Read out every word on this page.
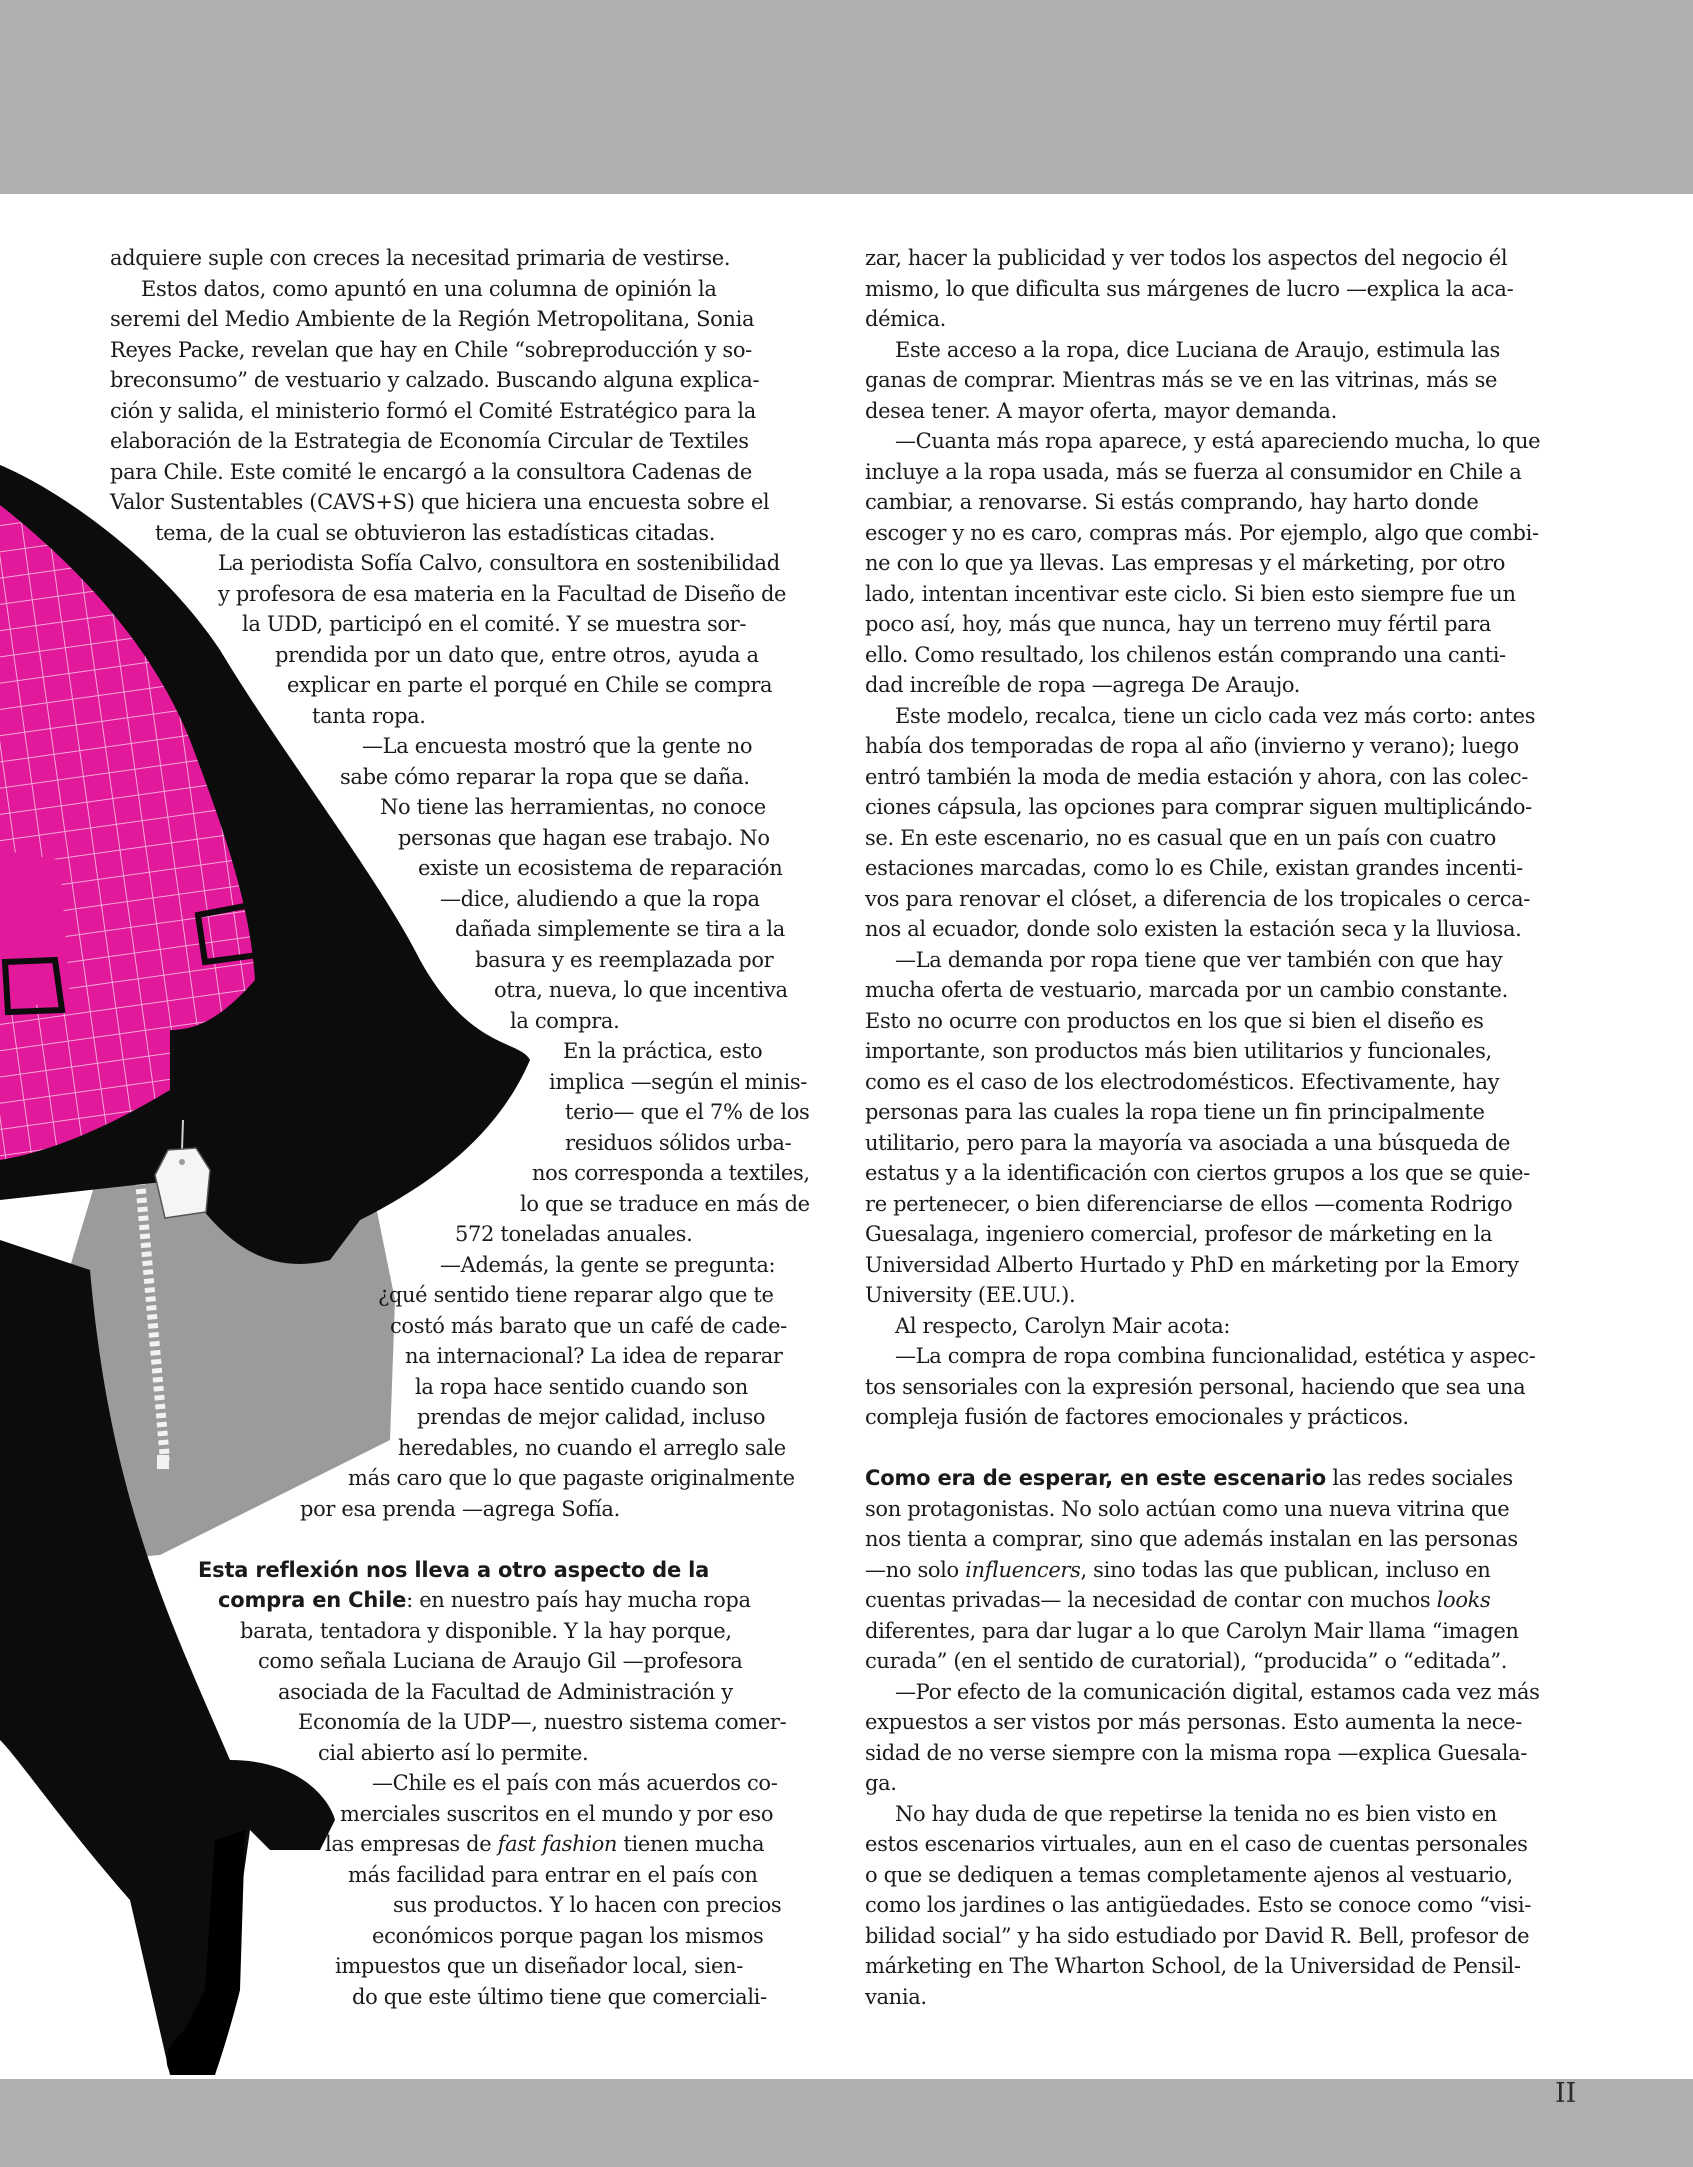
adquiere suple con creces la necesitad primaria de vestirse.
Estos datos, como apuntó en una columna de opinión la
seremi del Medio Ambiente de la Región Metropolitana, Sonia
Reyes Packe, revelan que hay en Chile “sobreproducción y so-
breconsumo” de vestuario y calzado. Buscando alguna explica-
ción y salida, el ministerio formó el Comité Estratégico para la
elaboración de la Estrategia de Economía Circular de Textiles
para Chile. Este comité le encargó a la consultora Cadenas de
Valor Sustentables (CAVS+S) que hiciera una encuesta sobre el
tema, de la cual se obtuvieron las estadísticas citadas.
La periodista Sofía Calvo, consultora en sostenibilidad
y profesora de esa materia en la Facultad de Diseño de
la UDD, participó en el comité. Y se muestra sor-
prendida por un dato que, entre otros, ayuda a
explicar en parte el porqué en Chile se compra
tanta ropa.
—La encuesta mostró que la gente no
sabe cómo reparar la ropa que se daña.
No tiene las herramientas, no conoce
personas que hagan ese trabajo. No
existe un ecosistema de reparación
—dice, aludiendo a que la ropa
dañada simplemente se tira a la
basura y es reemplazada por
otra, nueva, lo que incentiva
la compra.
En la práctica, esto
implica —según el minis-
terio— que el 7% de los
residuos sólidos urba-
nos corresponda a textiles,
lo que se traduce en más de
572 toneladas anuales.
—Además, la gente se pregunta:
¿qué sentido tiene reparar algo que te
costó más barato que un café de cade-
na internacional? La idea de reparar
la ropa hace sentido cuando son
prendas de mejor calidad, incluso
heredables, no cuando el arreglo sale
más caro que lo que pagaste originalmente
por esa prenda —agrega Sofía.
Esta reflexión nos lleva a otro aspecto de la
compra en Chile: en nuestro país hay mucha ropa
barata, tentadora y disponible. Y la hay porque,
como señala Luciana de Araujo Gil —profesora
asociada de la Facultad de Administración y
Economía de la UDP—, nuestro sistema comer-
cial abierto así lo permite.
—Chile es el país con más acuerdos co-
merciales suscritos en el mundo y por eso
las empresas de fast fashion tienen mucha
más facilidad para entrar en el país con
sus productos. Y lo hacen con precios
económicos porque pagan los mismos
impuestos que un diseñador local, sien-
do que este último tiene que comerciali-
zar, hacer la publicidad y ver todos los aspectos del negocio él
mismo, lo que dificulta sus márgenes de lucro —explica la aca-
démica.
Este acceso a la ropa, dice Luciana de Araujo, estimula las
ganas de comprar. Mientras más se ve en las vitrinas, más se
desea tener. A mayor oferta, mayor demanda.
—Cuanta más ropa aparece, y está apareciendo mucha, lo que
incluye a la ropa usada, más se fuerza al consumidor en Chile a
cambiar, a renovarse. Si estás comprando, hay harto donde
escoger y no es caro, compras más. Por ejemplo, algo que combi-
ne con lo que ya llevas. Las empresas y el márketing, por otro
lado, intentan incentivar este ciclo. Si bien esto siempre fue un
poco así, hoy, más que nunca, hay un terreno muy fértil para
ello. Como resultado, los chilenos están comprando una canti-
dad increíble de ropa —agrega De Araujo.
Este modelo, recalca, tiene un ciclo cada vez más corto: antes
había dos temporadas de ropa al año (invierno y verano); luego
entró también la moda de media estación y ahora, con las colec-
ciones cápsula, las opciones para comprar siguen multiplicándo-
se. En este escenario, no es casual que en un país con cuatro
estaciones marcadas, como lo es Chile, existan grandes incenti-
vos para renovar el clóset, a diferencia de los tropicales o cerca-
nos al ecuador, donde solo existen la estación seca y la lluviosa.
—La demanda por ropa tiene que ver también con que hay
mucha oferta de vestuario, marcada por un cambio constante.
Esto no ocurre con productos en los que si bien el diseño es
importante, son productos más bien utilitarios y funcionales,
como es el caso de los electrodomésticos. Efectivamente, hay
personas para las cuales la ropa tiene un fin principalmente
utilitario, pero para la mayoría va asociada a una búsqueda de
estatus y a la identificación con ciertos grupos a los que se quie-
re pertenecer, o bien diferenciarse de ellos —comenta Rodrigo
Guesalaga, ingeniero comercial, profesor de márketing en la
Universidad Alberto Hurtado y PhD en márketing por la Emory
University (EE.UU.).
Al respecto, Carolyn Mair acota:
—La compra de ropa combina funcionalidad, estética y aspec-
tos sensoriales con la expresión personal, haciendo que sea una
compleja fusión de factores emocionales y prácticos.
Como era de esperar, en este escenario las redes sociales
son protagonistas. No solo actúan como una nueva vitrina que
nos tienta a comprar, sino que además instalan en las personas
—no solo influencers, sino todas las que publican, incluso en
cuentas privadas— la necesidad de contar con muchos looks
diferentes, para dar lugar a lo que Carolyn Mair llama “imagen
curada” (en el sentido de curatorial), “producida” o “editada”.
—Por efecto de la comunicación digital, estamos cada vez más
expuestos a ser vistos por más personas. Esto aumenta la nece-
sidad de no verse siempre con la misma ropa —explica Guesala-
ga.
No hay duda de que repetirse la tenida no es bien visto en
estos escenarios virtuales, aun en el caso de cuentas personales
o que se dediquen a temas completamente ajenos al vestuario,
como los jardines o las antigüedades. Esto se conoce como “visi-
bilidad social” y ha sido estudiado por David R. Bell, profesor de
márketing en The Wharton School, de la Universidad de Pensil-
vania.
II
